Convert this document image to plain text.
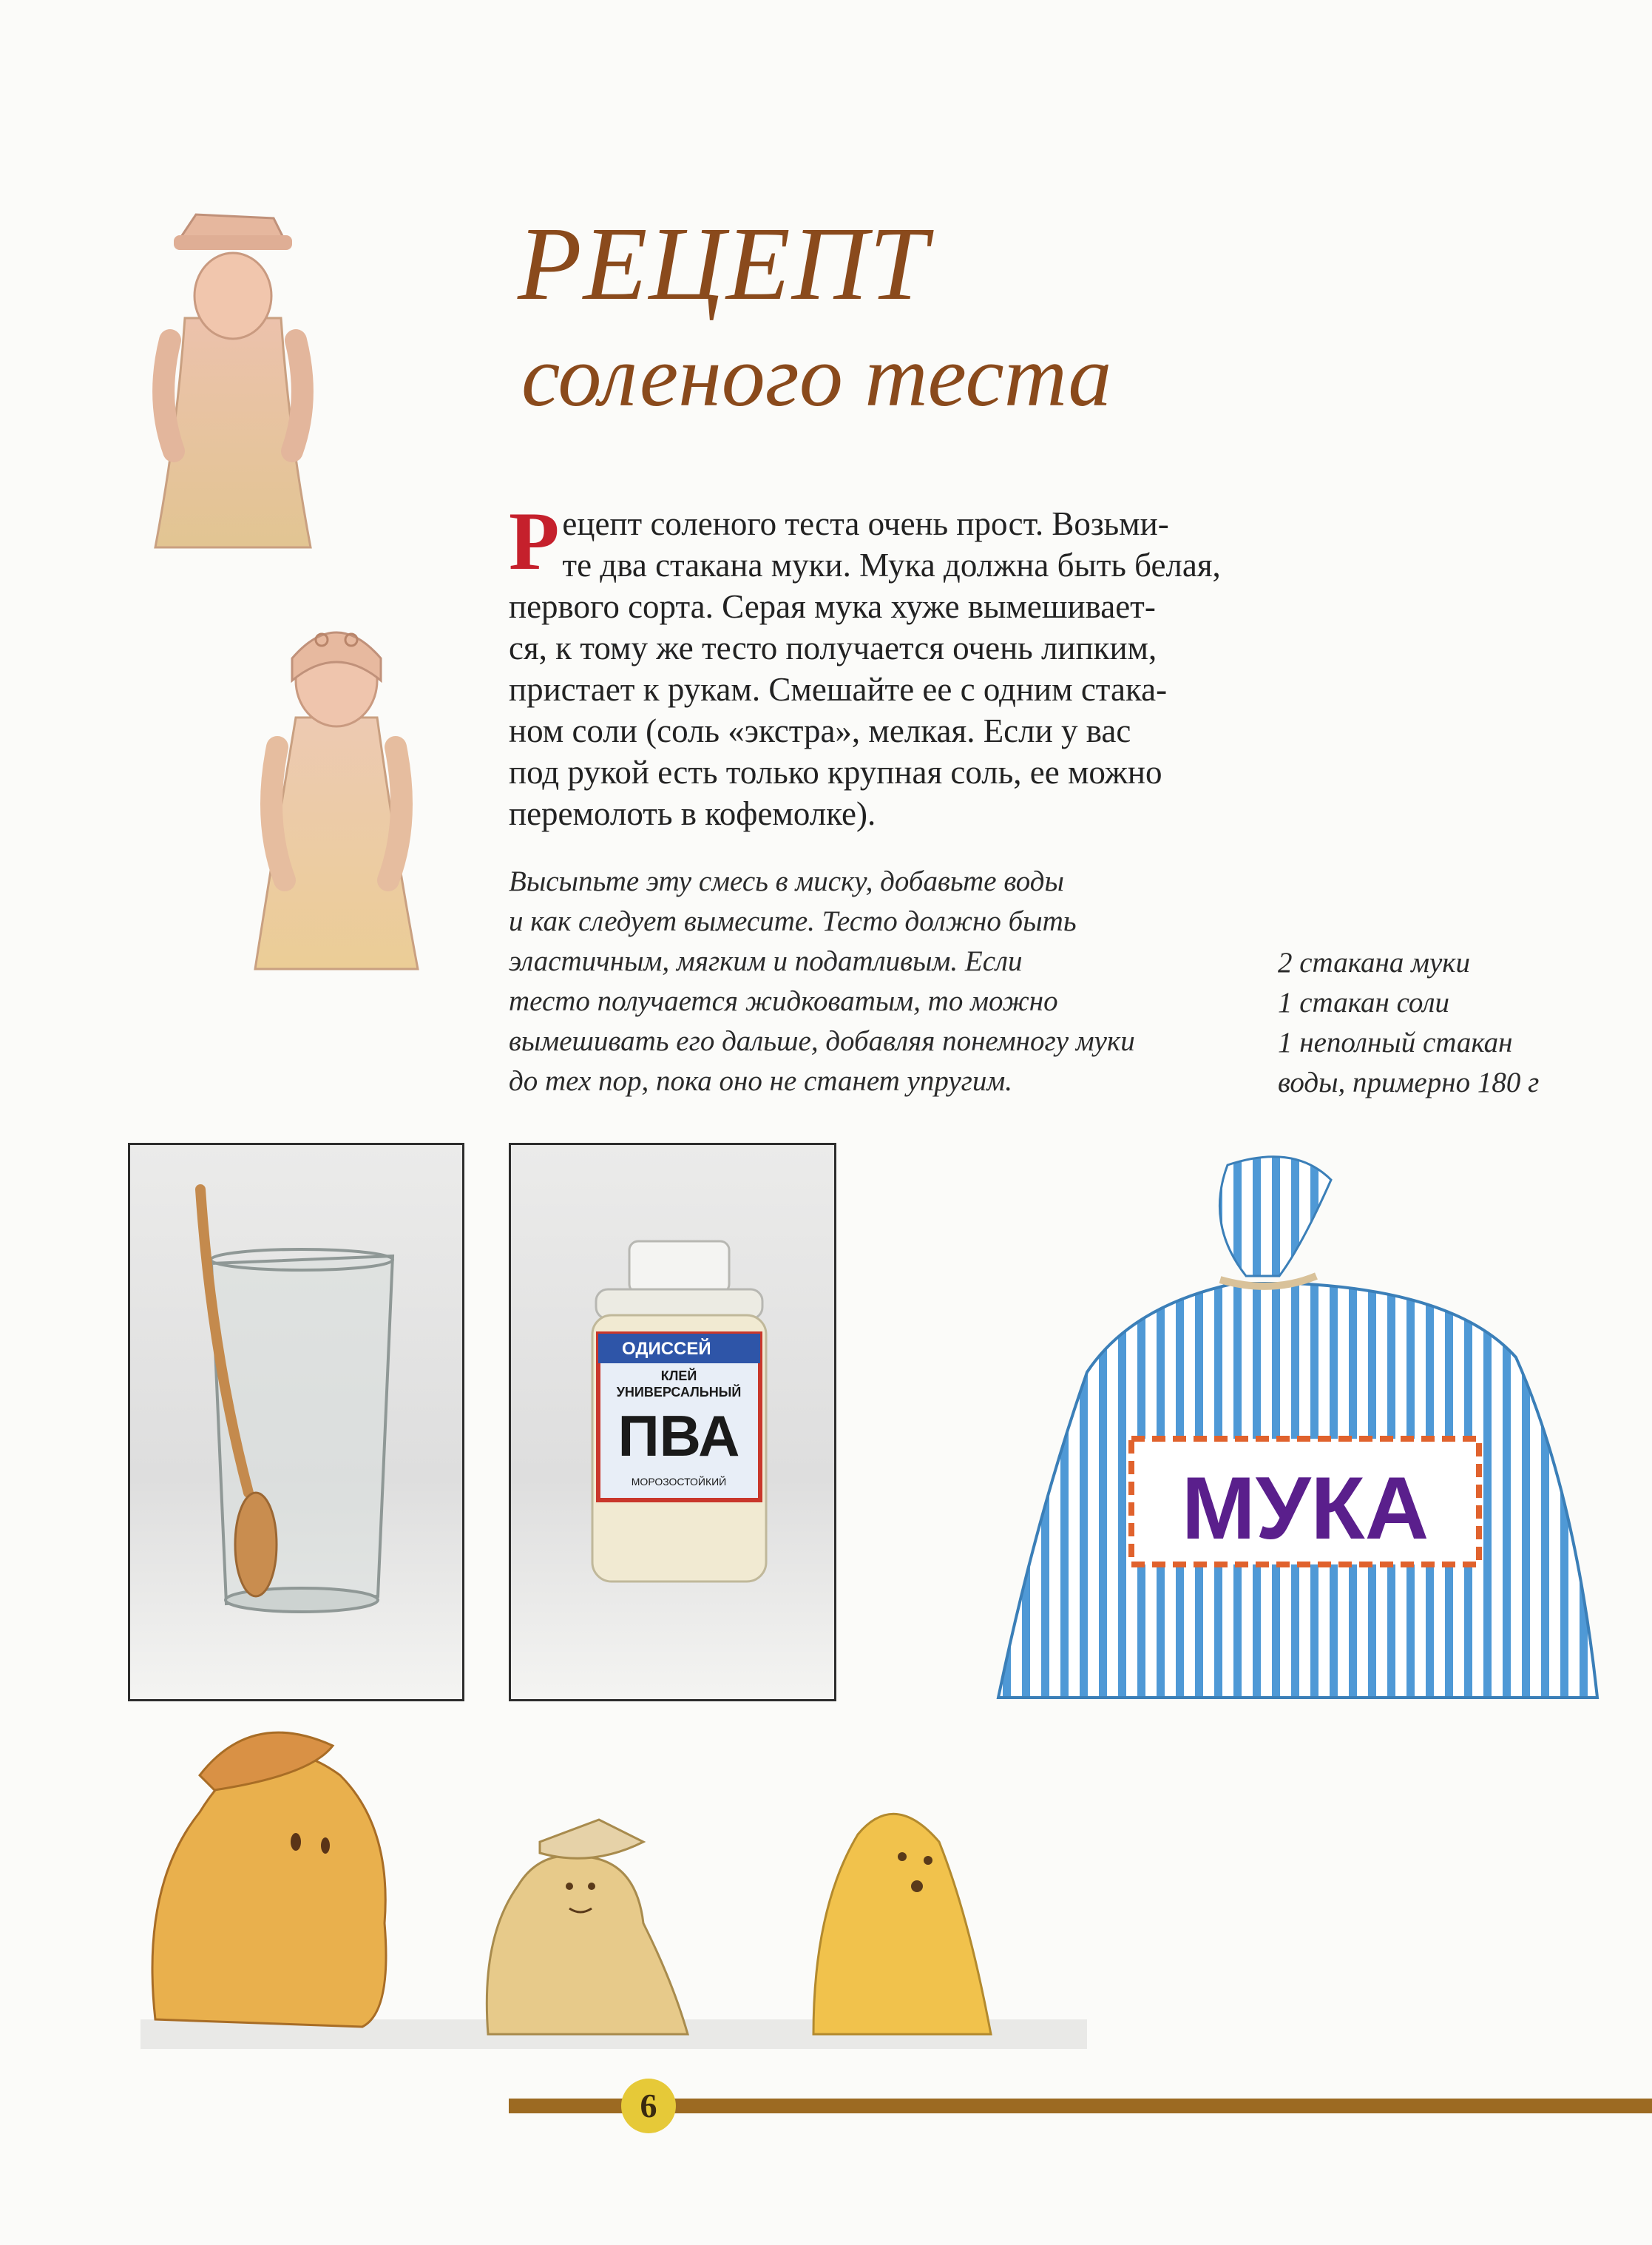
РЕЦЕПТ
соленого теста
Р ецепт соленого теста очень прост. Возьми-
те два стакана муки. Мука должна быть белая,
первого сорта. Серая мука хуже вымешивает-
ся, к тому же тесто получается очень липким,
пристает к рукам. Смешайте ее с одним стака-
ном соли (соль «экстра», мелкая. Если у вас
под рукой есть только крупная соль, ее можно
перемолоть в кофемолке).
Высыпьте эту смесь в миску, добавьте воды
и как следует вымесите. Тесто должно быть
эластичным, мягким и податливым. Если
тесто получается жидковатым, то можно
вымешивать его дальше, добавляя понемногу муки
до тех пор, пока оно не станет упругим.
2 стакана муки
1 стакан соли
1 неполный стакан
воды, примерно 180 г
ОДИССЕЙ
КЛЕЙ
УНИВЕРСАЛЬНЫЙ
ПВА
МОРОЗОСТОЙКИЙ	МУКА
6
